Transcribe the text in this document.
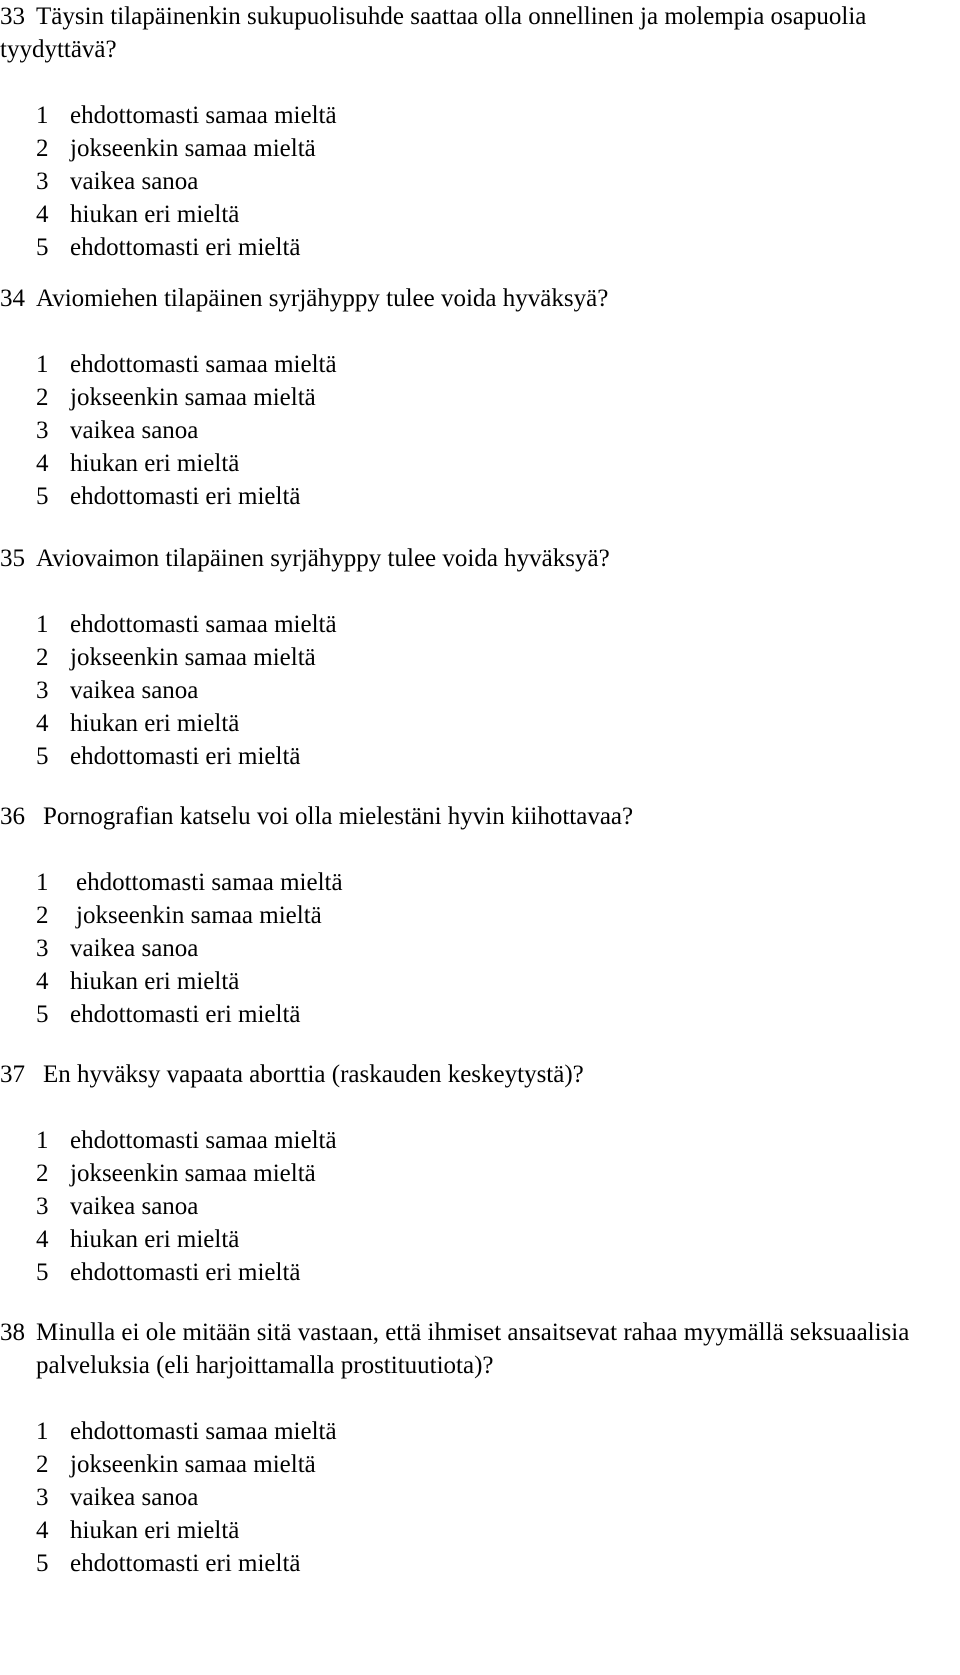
33 Täysin tilapäinenkin sukupuolisuhde saattaa olla onnellinen ja molempia osapuolia tyydyttävä?
1 ehdottomasti samaa mieltä
2 jokseenkin samaa mieltä
3 vaikea sanoa
4 hiukan eri mieltä
5 ehdottomasti eri mieltä
34 Aviomiehen tilapäinen syrjähyppy tulee voida hyväksyä?
1 ehdottomasti samaa mieltä
2 jokseenkin samaa mieltä
3 vaikea sanoa
4 hiukan eri mieltä
5 ehdottomasti eri mieltä
35 Aviovaimon tilapäinen syrjähyppy tulee voida hyväksyä?
1 ehdottomasti samaa mieltä
2 jokseenkin samaa mieltä
3 vaikea sanoa
4 hiukan eri mieltä
5 ehdottomasti eri mieltä
36 Pornografian katselu voi olla mielestäni hyvin kiihottavaa?
1 ehdottomasti samaa mieltä
2 jokseenkin samaa mieltä
3 vaikea sanoa
4 hiukan eri mieltä
5 ehdottomasti eri mieltä
37 En hyväksy vapaata aborttia (raskauden keskeytystä)?
1 ehdottomasti samaa mieltä
2 jokseenkin samaa mieltä
3 vaikea sanoa
4 hiukan eri mieltä
5 ehdottomasti eri mieltä
38 Minulla ei ole mitään sitä vastaan, että ihmiset ansaitsevat rahaa myymällä seksuaalisia palveluksia (eli harjoittamalla prostituutiota)?
1 ehdottomasti samaa mieltä
2 jokseenkin samaa mieltä
3 vaikea sanoa
4 hiukan eri mieltä
5 ehdottomasti eri mieltä
